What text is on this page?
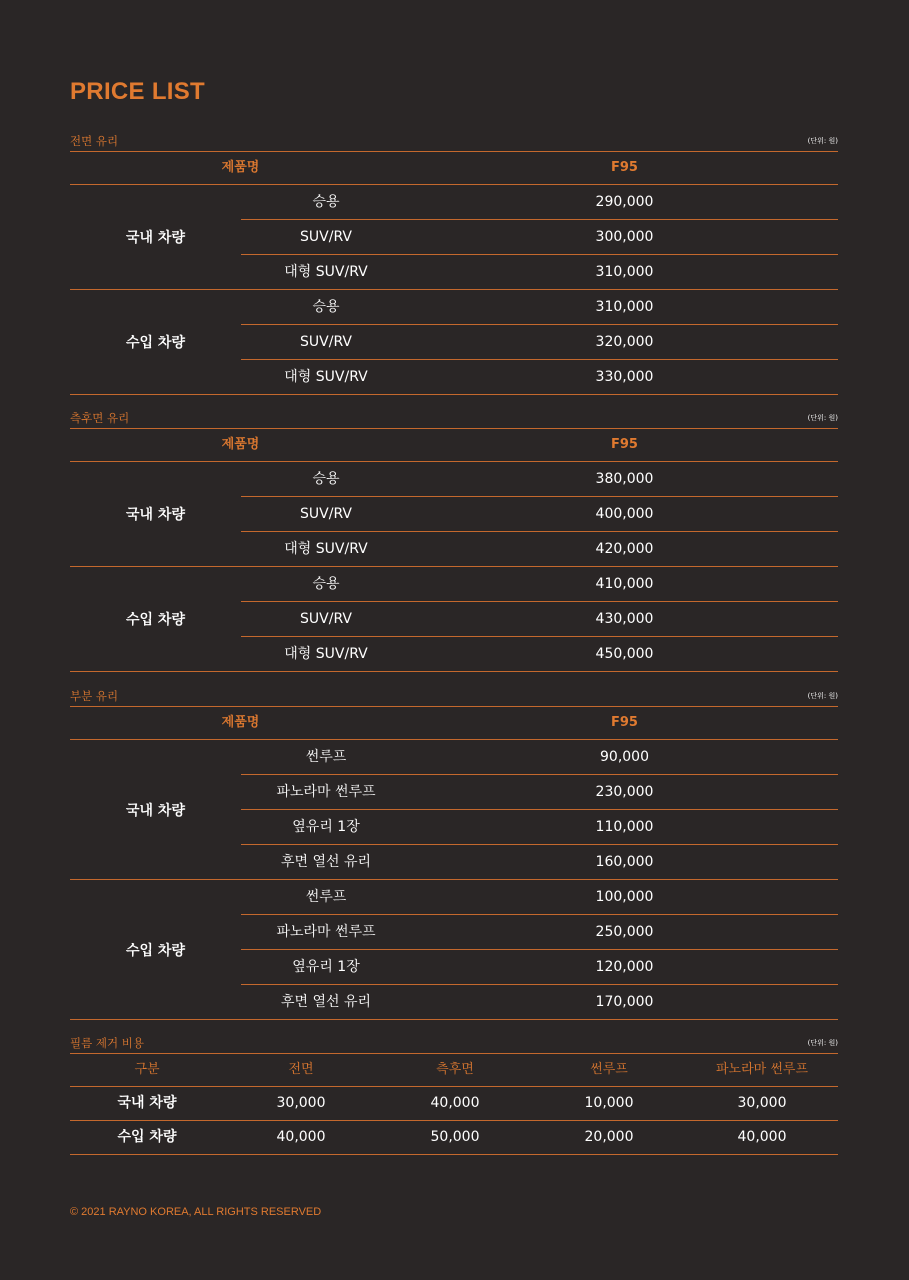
PRICE LIST
전면 유리	(단위: 원)
제품명	F95
국내 차량
승용	290,000
SUV/RV	300,000
대형 SUV/RV	310,000
수입 차량
승용	310,000
SUV/RV	320,000
대형 SUV/RV	330,000
측후면 유리	(단위: 원)
제품명	F95
국내 차량
승용	380,000
SUV/RV	400,000
대형 SUV/RV	420,000
수입 차량
승용	410,000
SUV/RV	430,000
대형 SUV/RV	450,000
부분 유리	(단위: 원)
제품명	F95
국내 차량
썬루프	90,000
파노라마 썬루프	230,000
옆유리 1장	110,000
후면 열선 유리	160,000
수입 차량
썬루프	100,000
파노라마 썬루프	250,000
옆유리 1장	120,000
후면 열선 유리	170,000
필름 제거 비용	(단위: 원)
구분	전면	측후면	썬루프	파노라마 썬루프
국내 차량	30,000	40,000	10,000	30,000
수입 차량	40,000	50,000	20,000	40,000
© 2021 RAYNO KOREA, ALL RIGHTS RESERVED
